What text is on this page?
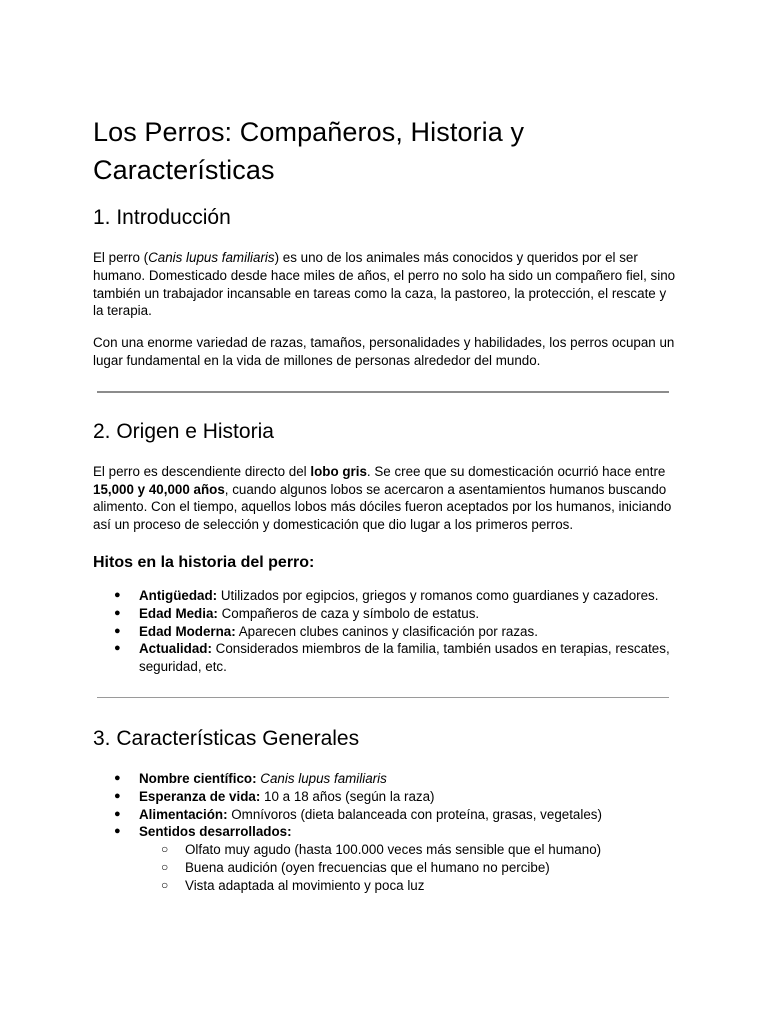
Los Perros: Compañeros, Historia y Características
1. Introducción

El perro (Canis lupus familiaris) es uno de los animales más conocidos y queridos por el ser humano. Domesticado desde hace miles de años, el perro no solo ha sido un compañero fiel, sino también un trabajador incansable en tareas como la caza, la pastoreo, la protección, el rescate y la terapia.

Con una enorme variedad de razas, tamaños, personalidades y habilidades, los perros ocupan un lugar fundamental en la vida de millones de personas alrededor del mundo.

2. Origen e Historia

El perro es descendiente directo del lobo gris. Se cree que su domesticación ocurrió hace entre 15,000 y 40,000 años, cuando algunos lobos se acercaron a asentamientos humanos buscando alimento. Con el tiempo, aquellos lobos más dóciles fueron aceptados por los humanos, iniciando así un proceso de selección y domesticación que dio lugar a los primeros perros.

Hitos en la historia del perro:
● Antigüedad: Utilizados por egipcios, griegos y romanos como guardianes y cazadores.
● Edad Media: Compañeros de caza y símbolo de estatus.
● Edad Moderna: Aparecen clubes caninos y clasificación por razas.
● Actualidad: Considerados miembros de la familia, también usados en terapias, rescates, seguridad, etc.
3. Características Generales
● Nombre científico: Canis lupus familiaris
● Esperanza de vida: 10 a 18 años (según la raza)
● Alimentación: Omnívoros (dieta balanceada con proteína, grasas, vegetales)
● Sentidos desarrollados:
○ Olfato muy agudo (hasta 100.000 veces más sensible que el humano)
○ Buena audición (oyen frecuencias que el humano no percibe)
○ Vista adaptada al movimiento y poca luz
